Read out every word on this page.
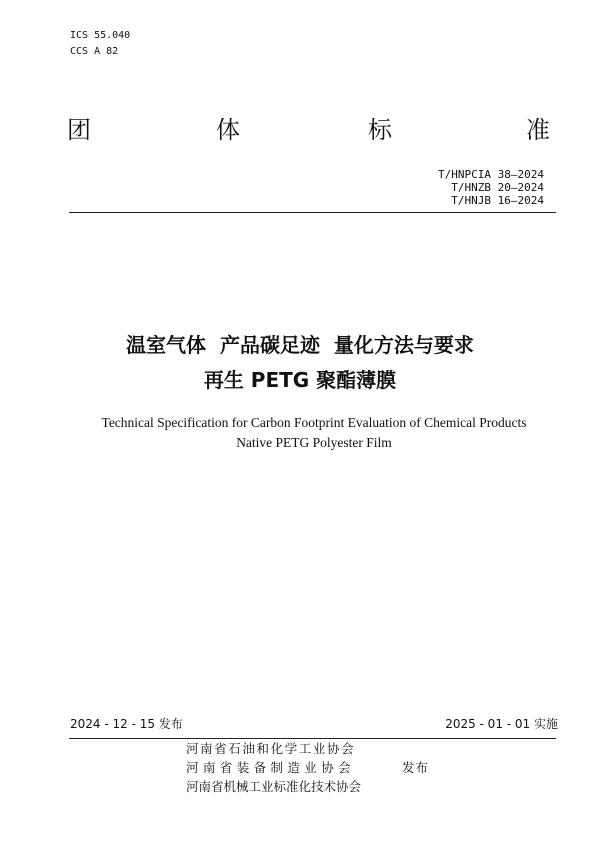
ICS 55.040
CCS A 82
团	体	标	准
T/HNPCIA 38—2024
T/HNZB 20—2024
T/HNJB 16—2024
温室气体  产品碳足迹  量化方法与要求
再生 PETG 聚酯薄膜
Technical Specification for Carbon Footprint Evaluation of Chemical Products
Native PETG Polyester Film
2024 - 12 - 15 发布	2025 - 01 - 01 实施
河南省石油和化学工业协会
河南省装备制造业协会	发布
河南省机械工业标准化技术协会
